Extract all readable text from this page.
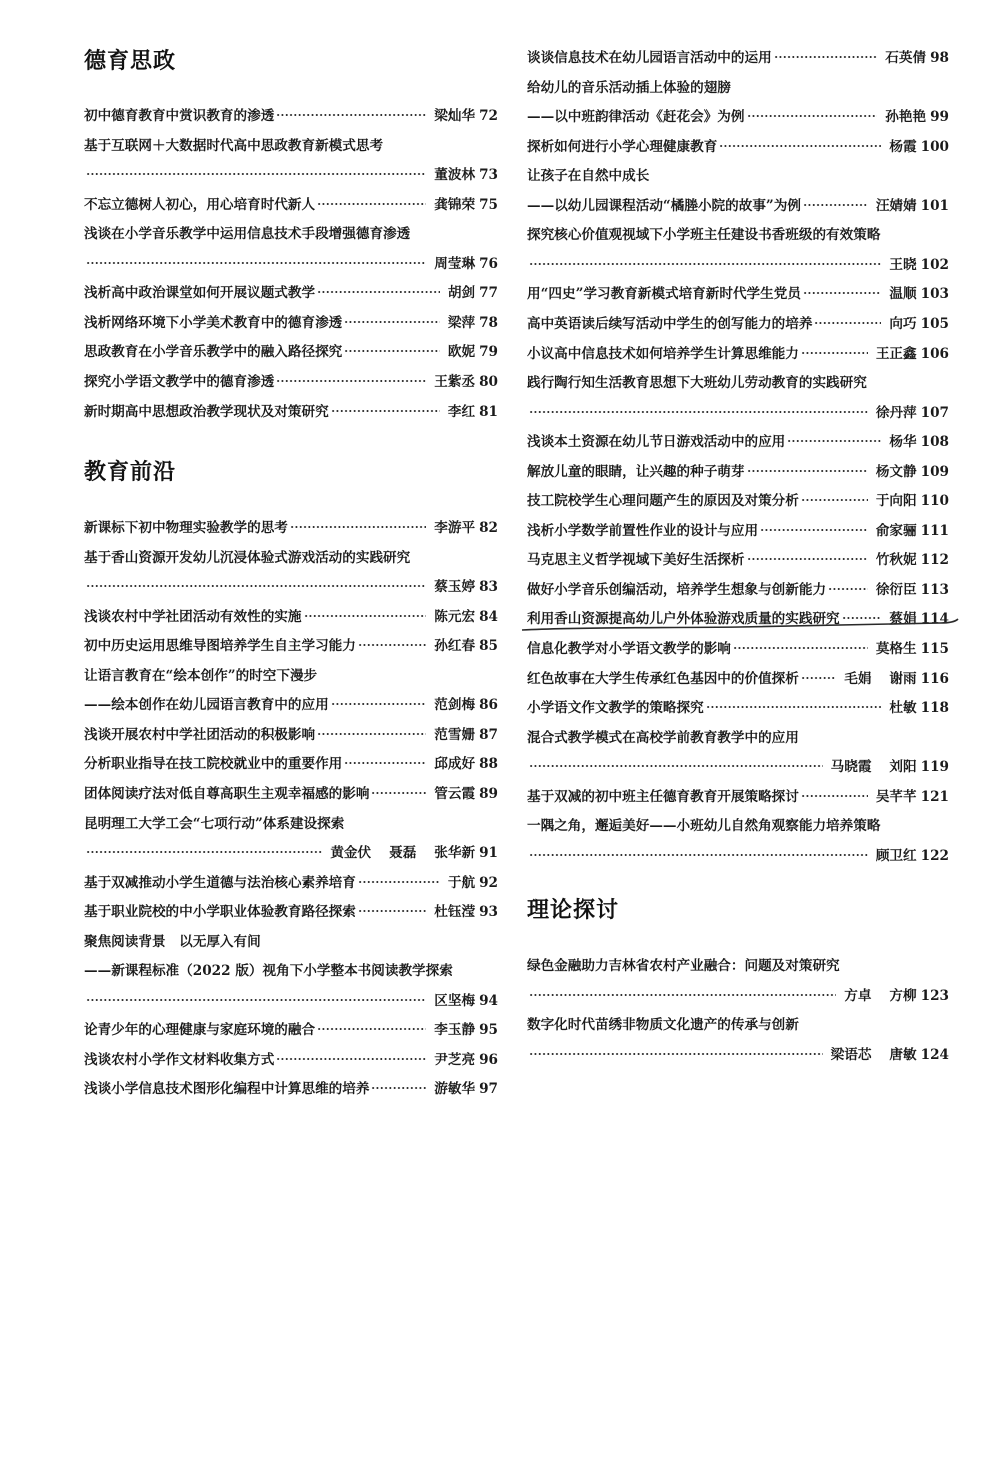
德育思政
初中德育教育中赏识教育的渗透	梁灿华 72
基于互联网＋大数据时代高中思政教育新模式思考
董波林 73
不忘立德树人初心，用心培育时代新人	龚锦荣 75
浅谈在小学音乐教学中运用信息技术手段增强德育渗透
周莹琳 76
浅析高中政治课堂如何开展议题式教学	胡剑 77
浅析网络环境下小学美术教育中的德育渗透	梁萍 78
思政教育在小学音乐教学中的融入路径探究	欧妮 79
探究小学语文教学中的德育渗透	王紫丞 80
新时期高中思想政治教学现状及对策研究	李红 81
教育前沿
新课标下初中物理实验教学的思考	李游平 82
基于香山资源开发幼儿沉浸体验式游戏活动的实践研究
蔡玉婷 83
浅谈农村中学社团活动有效性的实施	陈元宏 84
初中历史运用思维导图培养学生自主学习能力	孙红春 85
让语言教育在“绘本创作”的时空下漫步
——绘本创作在幼儿园语言教育中的应用	范剑梅 86
浅谈开展农村中学社团活动的积极影响	范雪姗 87
分析职业指导在技工院校就业中的重要作用	邱成好 88
团体阅读疗法对低自尊高职生主观幸福感的影响	管云霞 89
昆明理工大学工会“七项行动”体系建设探索
黄金伏 聂磊 张华新 91
基于双减推动小学生道德与法治核心素养培育	于航 92
基于职业院校的中小学职业体验教育路径探索	杜钰滢 93
聚焦阅读背景　以无厚入有间
——新课程标准（2022 版）视角下小学整本书阅读教学探索
区坚梅 94
论青少年的心理健康与家庭环境的融合	李玉静 95
浅谈农村小学作文材料收集方式	尹芝亮 96
浅谈小学信息技术图形化编程中计算思维的培养	游敏华 97
谈谈信息技术在幼儿园语言活动中的运用	石英倩 98
给幼儿的音乐活动插上体验的翅膀
——以中班韵律活动《赶花会》为例	孙艳艳 99
探析如何进行小学心理健康教育	杨霞 100
让孩子在自然中成长
——以幼儿园课程活动“橘塍小院的故事”为例	汪婧婧 101
探究核心价值观视域下小学班主任建设书香班级的有效策略
王晓 102
用“四史”学习教育新模式培育新时代学生党员	温顺 103
高中英语读后续写活动中学生的创写能力的培养	向巧 105
小议高中信息技术如何培养学生计算思维能力	王正鑫 106
践行陶行知生活教育思想下大班幼儿劳动教育的实践研究
徐丹萍 107
浅谈本土资源在幼儿节日游戏活动中的应用	杨华 108
解放儿童的眼睛，让兴趣的种子萌芽	杨文静 109
技工院校学生心理问题产生的原因及对策分析	于向阳 110
浅析小学数学前置性作业的设计与应用	俞家骊 111
马克思主义哲学视域下美好生活探析	竹秋妮 112
做好小学音乐创编活动，培养学生想象与创新能力	徐衍臣 113
利用香山资源提高幼儿户外体验游戏质量的实践研究	蔡娟 114
信息化教学对小学语文教学的影响	莫格生 115
红色故事在大学生传承红色基因中的价值探析	毛娟 谢雨 116
小学语文作文教学的策略探究	杜敏 118
混合式教学模式在高校学前教育教学中的应用
马晓霞 刘阳 119
基于双减的初中班主任德育教育开展策略探讨	吴芊芊 121
一隅之角，邂逅美好——小班幼儿自然角观察能力培养策略
顾卫红 122
理论探讨
绿色金融助力吉林省农村产业融合：问题及对策研究
方卓 方柳 123
数字化时代苗绣非物质文化遗产的传承与创新
梁语芯 唐敏 124
